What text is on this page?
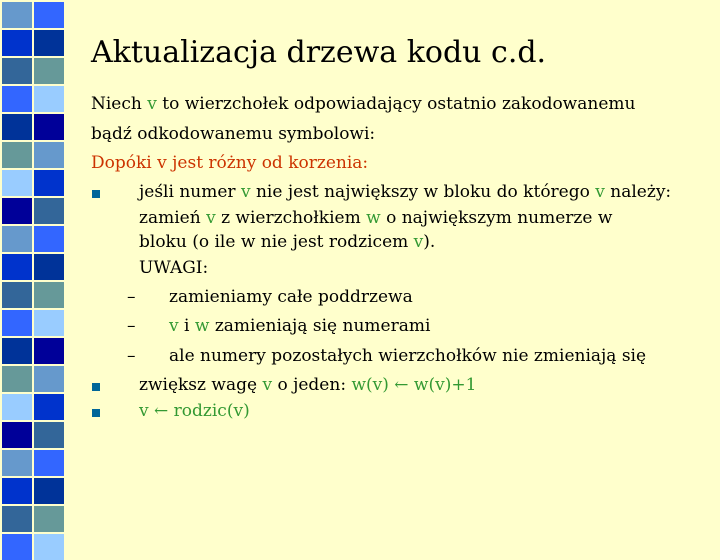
Aktualizacja drzewa kodu c.d.
Niech v to wierzchołek odpowiadający ostatnio zakodowanemu
bądź odkodowanemu symbolowi:
Dopóki v jest różny od korzenia:
jeśli numer v nie jest największy w bloku do którego v należy:
zamień v z wierzchołkiem w o największym numerze w
bloku (o ile w nie jest rodzicem v).
UWAGI:
– zamieniamy całe poddrzewa
– v i w zamieniają się numerami
– ale numery pozostałych wierzchołków nie zmieniają się
zwiększ wagę v o jeden: w(v) ← w(v)+1
v ← rodzic(v)
